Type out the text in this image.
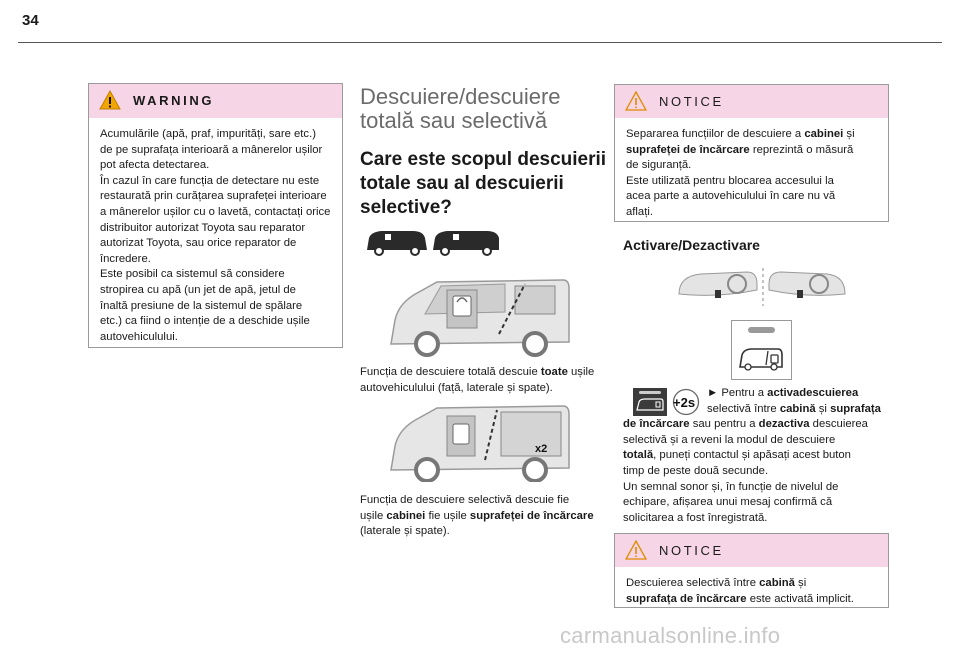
34
WARNING

Acumulările (apă, praf, impurități, sare etc.)

de pe suprafața interioară a mânerelor ușilor

pot afecta detectarea.

În cazul în care funcția de detectare nu este

restaurată prin curățarea suprafeței interioare

a mânerelor ușilor cu o lavetă, contactați orice

distribuitor autorizat Toyota sau reparator

autorizat Toyota, sau orice reparator de

încredere.

Este posibil ca sistemul să considere

stropirea cu apă (un jet de apă, jetul de

înaltă presiune de la sistemul de spălare

etc.) ca fiind o intenție de a deschide ușile

autovehiculului.

Descuiere/descuiere
totală sau selectivă
Care este scopul descuierii
totale sau al descuierii
selective?

Funcția de descuiere totală descuie toate ușile

autovehiculului (față, laterale și spate).

x2

Funcția de descuiere selectivă descuie fie

ușile cabinei fie ușile suprafeței de încărcare

(laterale și spate).

NOTICE

Separarea funcțiilor de descuiere a cabinei și

suprafeței de încărcare reprezintă o măsură

de siguranță.

Este utilizată pentru blocarea accesului la

acea parte a autovehiculului în care nu vă

aflați.

Activare/Dezactivare
+2s

► Pentru a activadescuierea

selectivă între cabină și suprafața

de încărcare sau pentru a dezactiva descuierea

selectivă și a reveni la modul de descuiere

totală, puneți contactul și apăsați acest buton

timp de peste două secunde.

Un semnal sonor și, în funcție de nivelul de

echipare, afișarea unui mesaj confirmă că

solicitarea a fost înregistrată.

NOTICE

Descuierea selectivă între cabină și

suprafața de încărcare este activată implicit.

carmanualsonline.info
